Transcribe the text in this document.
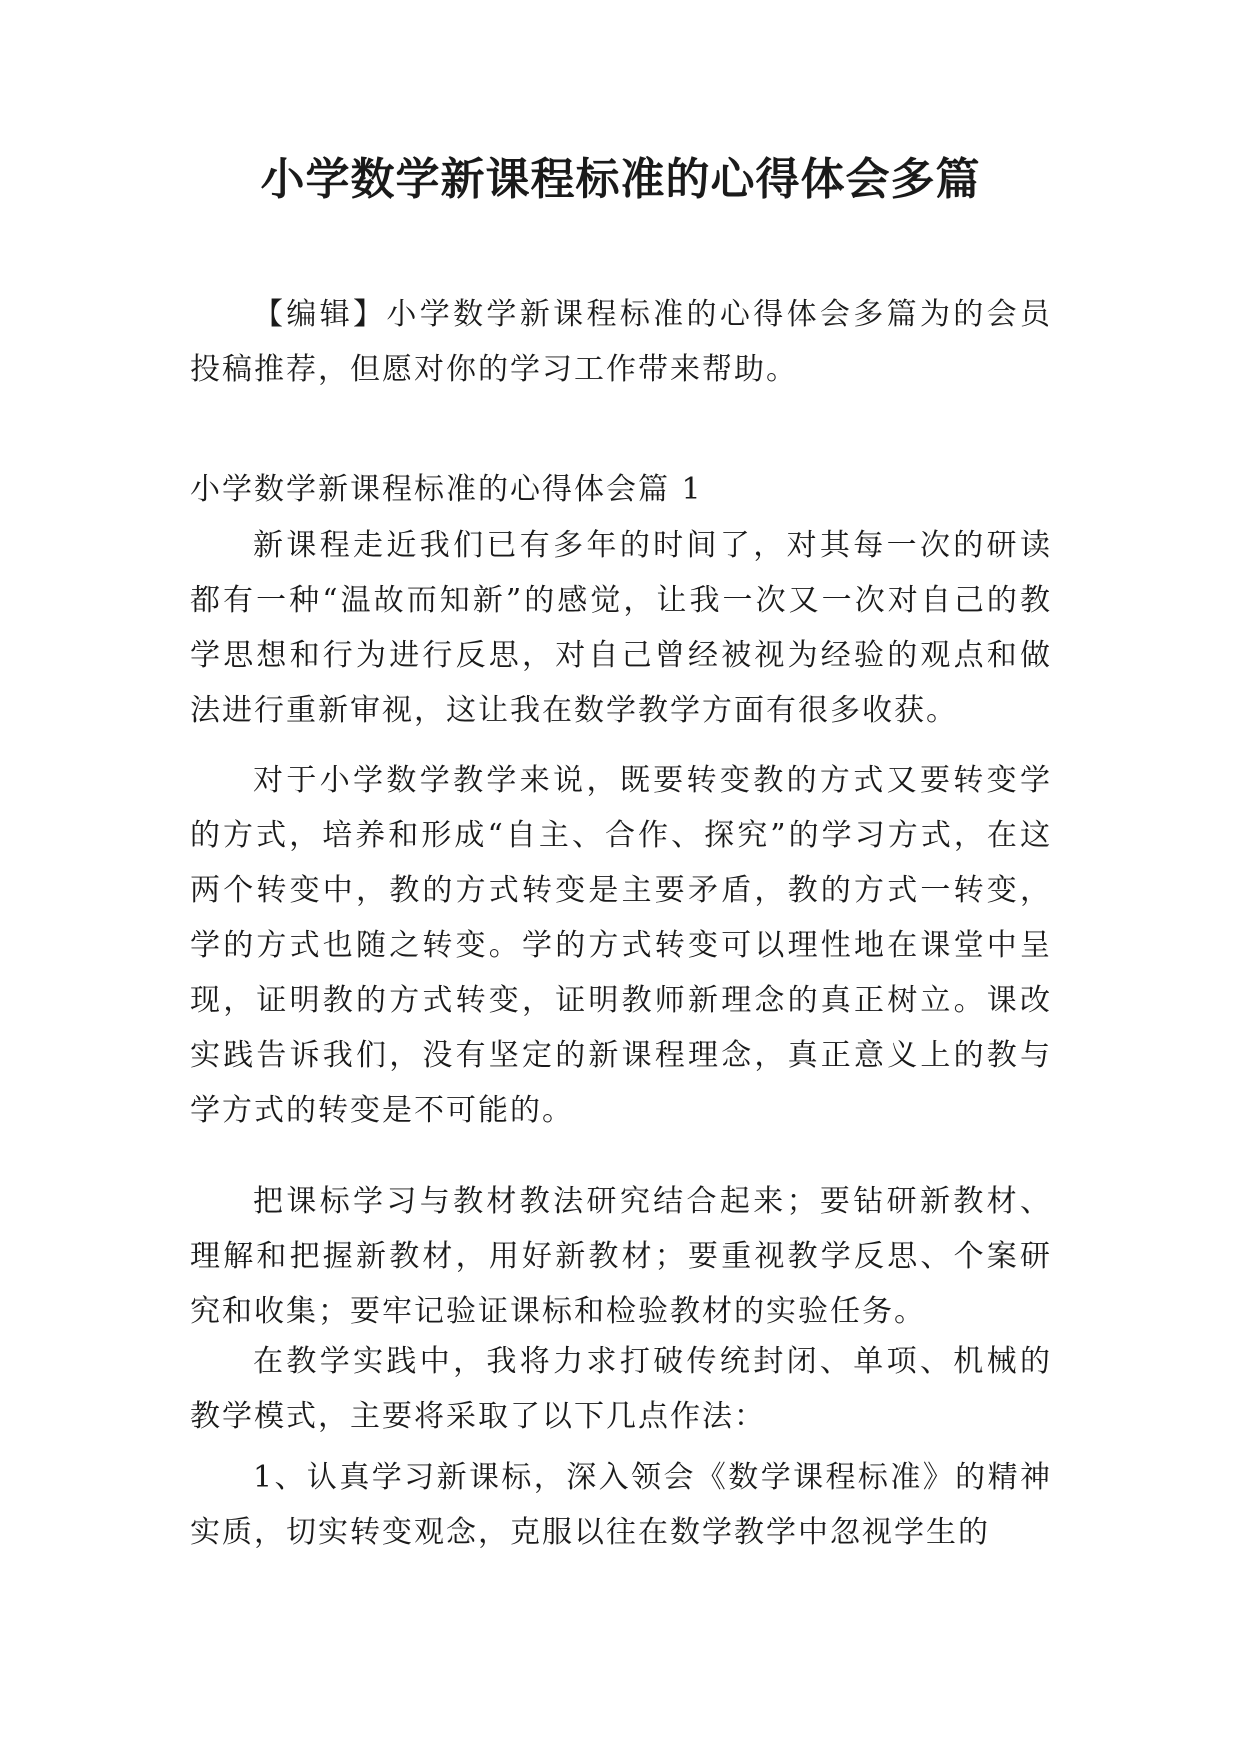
小学数学新课程标准的心得体会多篇

【编辑】小学数学新课程标准的心得体会多篇为的会员投稿推荐，但愿对你的学习工作带来帮助。

小学数学新课程标准的心得体会篇 1

新课程走近我们已有多年的时间了，对其每一次的研读都有一种“温故而知新”的感觉，让我一次又一次对自己的教学思想和行为进行反思，对自己曾经被视为经验的观点和做法进行重新审视，这让我在数学教学方面有很多收获。

对于小学数学教学来说，既要转变教的方式又要转变学的方式，培养和形成“自主、合作、探究”的学习方式，在这两个转变中，教的方式转变是主要矛盾，教的方式一转变，学的方式也随之转变。学的方式转变可以理性地在课堂中呈现，证明教的方式转变，证明教师新理念的真正树立。课改实践告诉我们，没有坚定的新课程理念，真正意义上的教与学方式的转变是不可能的。

把课标学习与教材教法研究结合起来；要钻研新教材、理解和把握新教材，用好新教材；要重视教学反思、个案研究和收集；要牢记验证课标和检验教材的实验任务。

在教学实践中，我将力求打破传统封闭、单项、机械的教学模式，主要将采取了以下几点作法：

1、认真学习新课标，深入领会《数学课程标准》的精神实质，切实转变观念，克服以往在数学教学中忽视学生的
